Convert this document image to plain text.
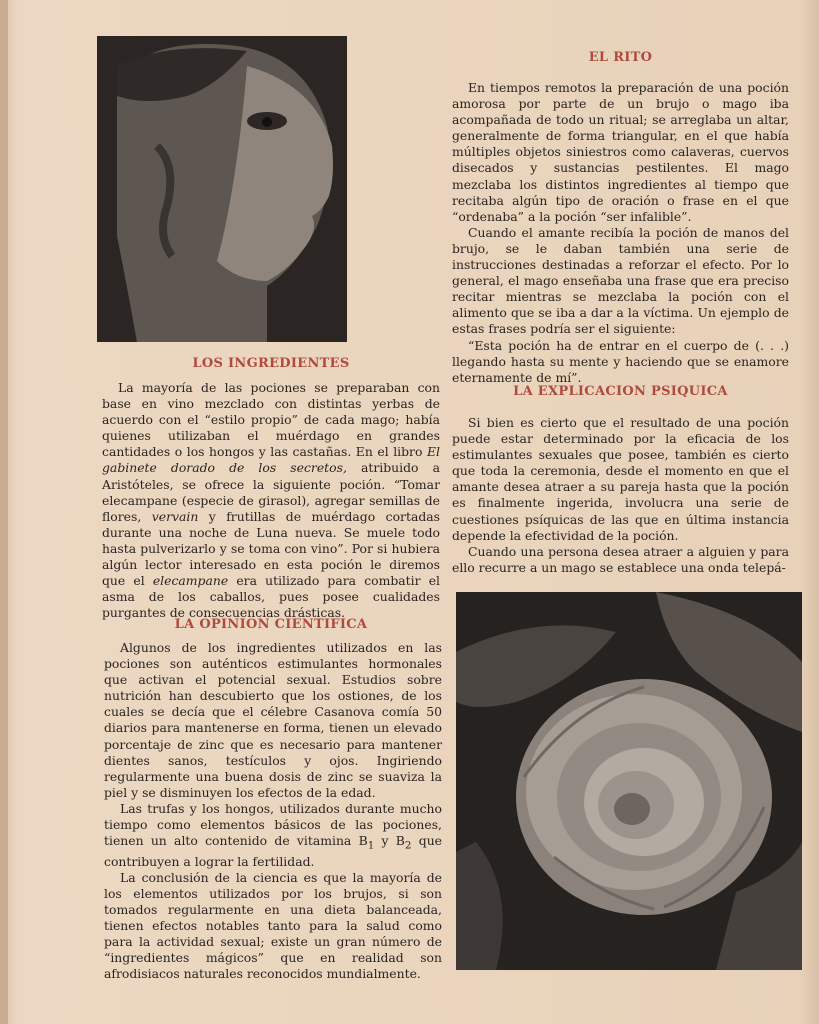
EL RITO

En tiempos remotos la preparación de una poción amorosa por parte de un brujo o mago iba acompañada de todo un ritual; se arreglaba un altar, generalmente de forma triangular, en el que había múltiples objetos siniestros como calaveras, cuervos disecados y sustancias pestilentes. El mago mezclaba los distintos ingredientes al tiempo que recitaba algún tipo de oración o frase en el que “ordenaba” a la poción “ser infalible”.

Cuando el amante recibía la poción de manos del brujo, se le daban también una serie de instrucciones destinadas a reforzar el efecto. Por lo general, el mago enseñaba una frase que era preciso recitar mientras se mezclaba la poción con el alimento que se iba a dar a la víctima. Un ejemplo de estas frases podría ser el siguiente:

“Esta poción ha de entrar en el cuerpo de (. . .) llegando hasta su mente y haciendo que se enamore eternamente de mí”.

LA EXPLICACION PSIQUICA

Si bien es cierto que el resultado de una poción puede estar determinado por la eficacia de los estimulantes sexuales que posee, también es cierto que toda la ceremonia, desde el momento en que el amante desea atraer a su pareja hasta que la poción es finalmente ingerida, involucra una serie de cuestiones psíquicas de las que en última instancia depende la efectividad de la poción.

Cuando una persona desea atraer a alguien y para ello recurre a un mago se establece una onda telepá-

LOS INGREDIENTES

La mayoría de las pociones se preparaban con base en vino mezclado con distintas yerbas de acuerdo con el “estilo propio” de cada mago; había quienes utilizaban el muérdago en grandes cantidades o los hongos y las castañas. En el libro El gabinete dorado de los secretos, atribuido a Aristóteles, se ofrece la siguiente poción. “Tomar elecampane (especie de girasol), agregar semillas de flores, vervain y frutillas de muérdago cortadas durante una noche de Luna nueva. Se muele todo hasta pulverizarlo y se toma con vino”. Por si hubiera algún lector interesado en esta poción le diremos que el elecampane era utilizado para combatir el asma de los caballos, pues posee cualidades purgantes de consecuencias drásticas.

LA OPINION CIENTIFICA

Algunos de los ingredientes utilizados en las pociones son auténticos estimulantes hormonales que activan el potencial sexual. Estudios sobre nutrición han descubierto que los ostiones, de los cuales se decía que el célebre Casanova comía 50 diarios para mantenerse en forma, tienen un elevado porcentaje de zinc que es necesario para mantener dientes sanos, testículos y ojos. Ingiriendo regularmente una buena dosis de zinc se suaviza la piel y se disminuyen los efectos de la edad.

Las trufas y los hongos, utilizados durante mucho tiempo como elementos básicos de las pociones, tienen un alto contenido de vitamina $B_1$ y $B_2$ que contribuyen a lograr la fertilidad.

La conclusión de la ciencia es que la mayoría de los elementos utilizados por los brujos, si son tomados regularmente en una dieta balanceada, tienen efectos notables tanto para la salud como para la actividad sexual; existe un gran número de “ingredientes mágicos” que en realidad son afrodisiacos naturales reconocidos mundialmente.
